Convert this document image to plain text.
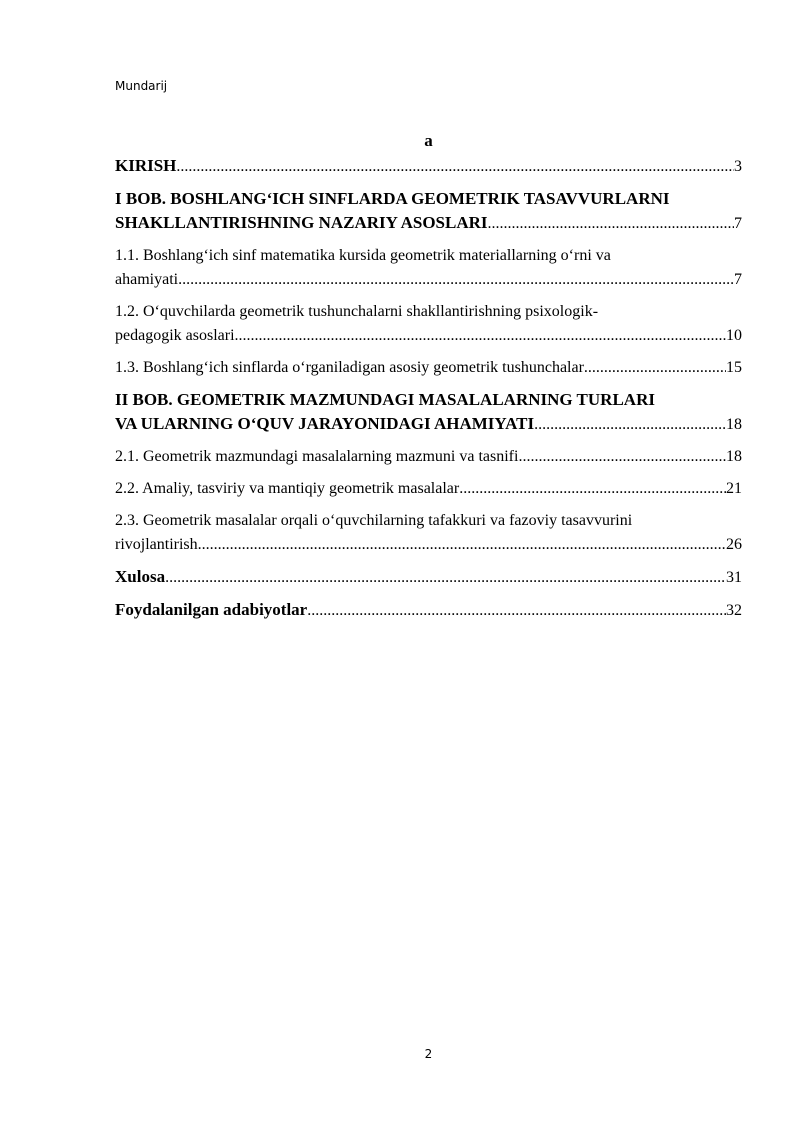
Mundarij
a
KIRISH .....	3
I BOB. BOSHLANG‘ICH SINFLARDA GEOMETRIK TASAVVURLARNI
SHAKLLANTIRISHNING NAZARIY ASOSLARI .....	7
1.1. Boshlang‘ich sinf matematika kursida geometrik materiallarning o‘rni va
ahamiyati .....	7
1.2. O‘quvchilarda geometrik tushunchalarni shakllantirishning psixologik-
pedagogik asoslari .....	10
1.3. Boshlang‘ich sinflarda o‘rganiladigan asosiy geometrik tushunchalar .....	15
II BOB. GEOMETRIK MAZMUNDAGI MASALALARNING TURLARI
VA ULARNING O‘QUV JARAYONIDAGI AHAMIYATI .....	18
2.1. Geometrik mazmundagi masalalarning mazmuni va tasnifi .....	18
2.2. Amaliy, tasviriy va mantiqiy geometrik masalalar .....	21
2.3. Geometrik masalalar orqali o‘quvchilarning tafakkuri va fazoviy tasavvurini
rivojlantirish .....	26
Xulosa .....	31
Foydalanilgan adabiyotlar .....	32
2
